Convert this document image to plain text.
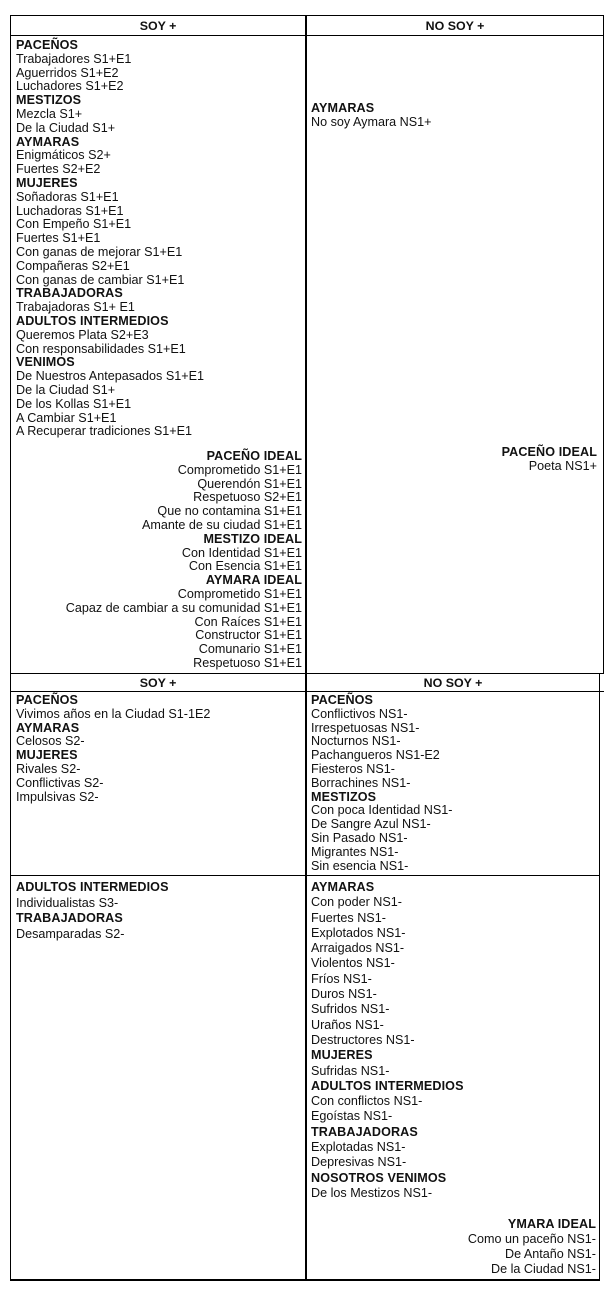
SOY +	NO SOY +
PACEÑOS
Trabajadores S1+E1
Aguerridos S1+E2
Luchadores S1+E2
MESTIZOS
Mezcla S1+
De la Ciudad S1+
AYMARAS
Enigmáticos S2+
Fuertes S2+E2
MUJERES
Soñadoras S1+E1
Luchadoras S1+E1
Con Empeño S1+E1
Fuertes S1+E1
Con ganas de mejorar S1+E1
Compañeras S2+E1
Con ganas de cambiar S1+E1
TRABAJADORAS
Trabajadoras S1+ E1
ADULTOS INTERMEDIOS
Queremos Plata S2+E3
Con responsabilidades S1+E1
VENIMOS
De Nuestros Antepasados S1+E1
De la Ciudad S1+
De los Kollas S1+E1
A Cambiar S1+E1
A Recuperar tradiciones S1+E1
PACEÑO IDEAL
Comprometido S1+E1
Querendón S1+E1
Respetuoso S2+E1
Que no contamina S1+E1
Amante de su ciudad S1+E1
MESTIZO IDEAL
Con Identidad S1+E1
Con Esencia S1+E1
AYMARA IDEAL
Comprometido S1+E1
Capaz de cambiar a su comunidad S1+E1
Con Raíces S1+E1
Constructor S1+E1
Comunario S1+E1
Respetuoso S1+E1
AYMARAS
No soy Aymara NS1+
PACEÑO IDEAL
Poeta NS1+
SOY +	NO SOY +
PACEÑOS
Vivimos años en la Ciudad S1-1E2
AYMARAS
Celosos S2-
MUJERES
Rivales S2-
Conflictivas S2-
Impulsivas S2-
PACEÑOS
Conflictivos NS1-
Irrespetuosas NS1-
Nocturnos NS1-
Pachangueros NS1-E2
Fiesteros NS1-
Borrachines NS1-
MESTIZOS
Con poca Identidad NS1-
De Sangre Azul NS1-
Sin Pasado NS1-
Migrantes NS1-
Sin esencia NS1-
ADULTOS INTERMEDIOS
Individualistas S3-
TRABAJADORAS
Desamparadas S2-
AYMARAS
Con poder NS1-
Fuertes NS1-
Explotados NS1-
Arraigados NS1-
Violentos NS1-
Fríos NS1-
Duros NS1-
Sufridos NS1-
Uraños NS1-
Destructores NS1-
MUJERES
Sufridas NS1-
ADULTOS INTERMEDIOS
Con conflictos NS1-
Egoístas NS1-
TRABAJADORAS
Explotadas NS1-
Depresivas NS1-
NOSOTROS VENIMOS
De los Mestizos NS1-
YMARA IDEAL
Como un paceño NS1-
De Antaño NS1-
De la Ciudad NS1-
